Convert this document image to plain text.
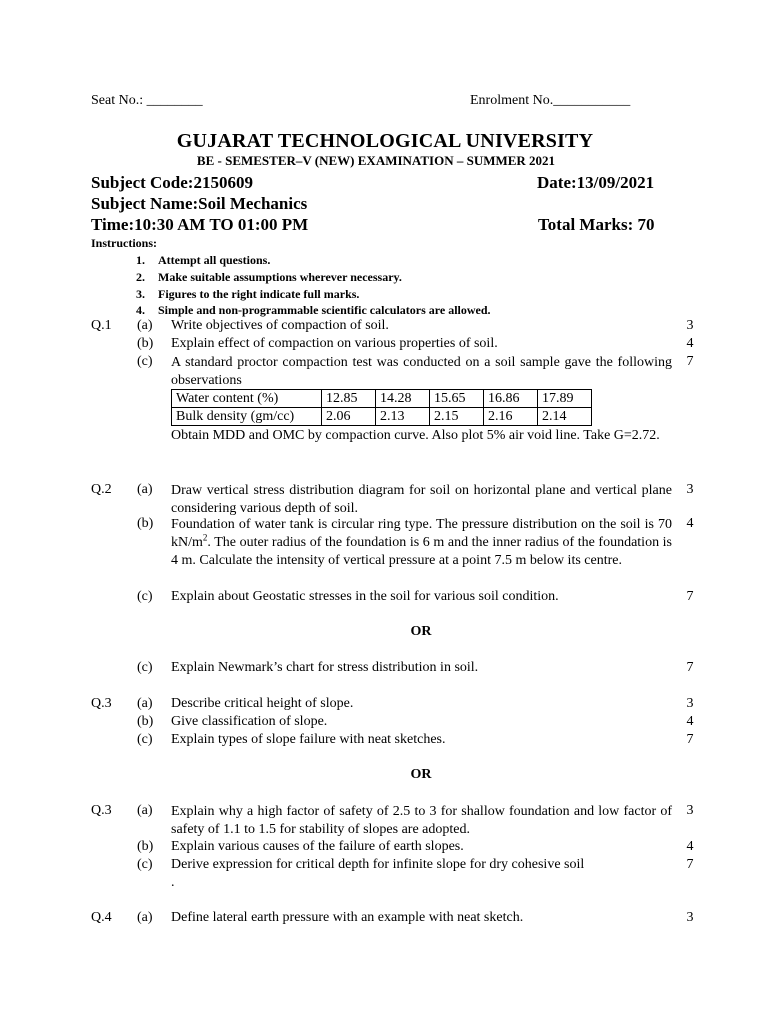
Seat No.: ________	Enrolment No.___________
GUJARAT TECHNOLOGICAL UNIVERSITY
BE - SEMESTER–V (NEW) EXAMINATION – SUMMER 2021
Subject Code:2150609	Date:13/09/2021
Subject Name:Soil Mechanics
Time:10:30 AM TO 01:00 PM	Total Marks: 70
Instructions:
1. Attempt all questions.
2. Make suitable assumptions wherever necessary.
3. Figures to the right indicate full marks.
4. Simple and non-programmable scientific calculators are allowed.
Q.1 (a) Write objectives of compaction of soil.	3
(b) Explain effect of compaction on various properties of soil.	4
(c) A standard proctor compaction test was conducted on a soil sample gave the following observations
7
Water content (%)	12.85	14.28	15.65	16.86	17.89
Bulk density (gm/cc)	2.06	2.13	2.15	2.16	2.14
Obtain MDD and OMC by compaction curve. Also plot 5% air void line. Take G=2.72.
Q.2 (a) Draw vertical stress distribution diagram for soil on horizontal plane and vertical plane considering various depth of soil.
3
(b) Foundation of water tank is circular ring type. The pressure distribution on the soil is 70 $kN/m^2$. The outer radius of the foundation is 6 m and the inner radius of the foundation is 4 m. Calculate the intensity of vertical pressure at a point 7.5 m below its centre.
4
(c) Explain about Geostatic stresses in the soil for various soil condition.	7
OR
(c) Explain Newmark’s chart for stress distribution in soil.	7
Q.3 (a) Describe critical height of slope.	3
(b) Give classification of slope.	4
(c) Explain types of slope failure with neat sketches.	7
OR
Q.3 (a) Explain why a high factor of safety of 2.5 to 3 for shallow foundation and low factor of safety of 1.1 to 1.5 for stability of slopes are adopted.
3
(b) Explain various causes of the failure of earth slopes.	4
(c) Derive expression for critical depth for infinite slope for dry cohesive soil	7
.
Q.4 (a) Define lateral earth pressure with an example with neat sketch.	3
